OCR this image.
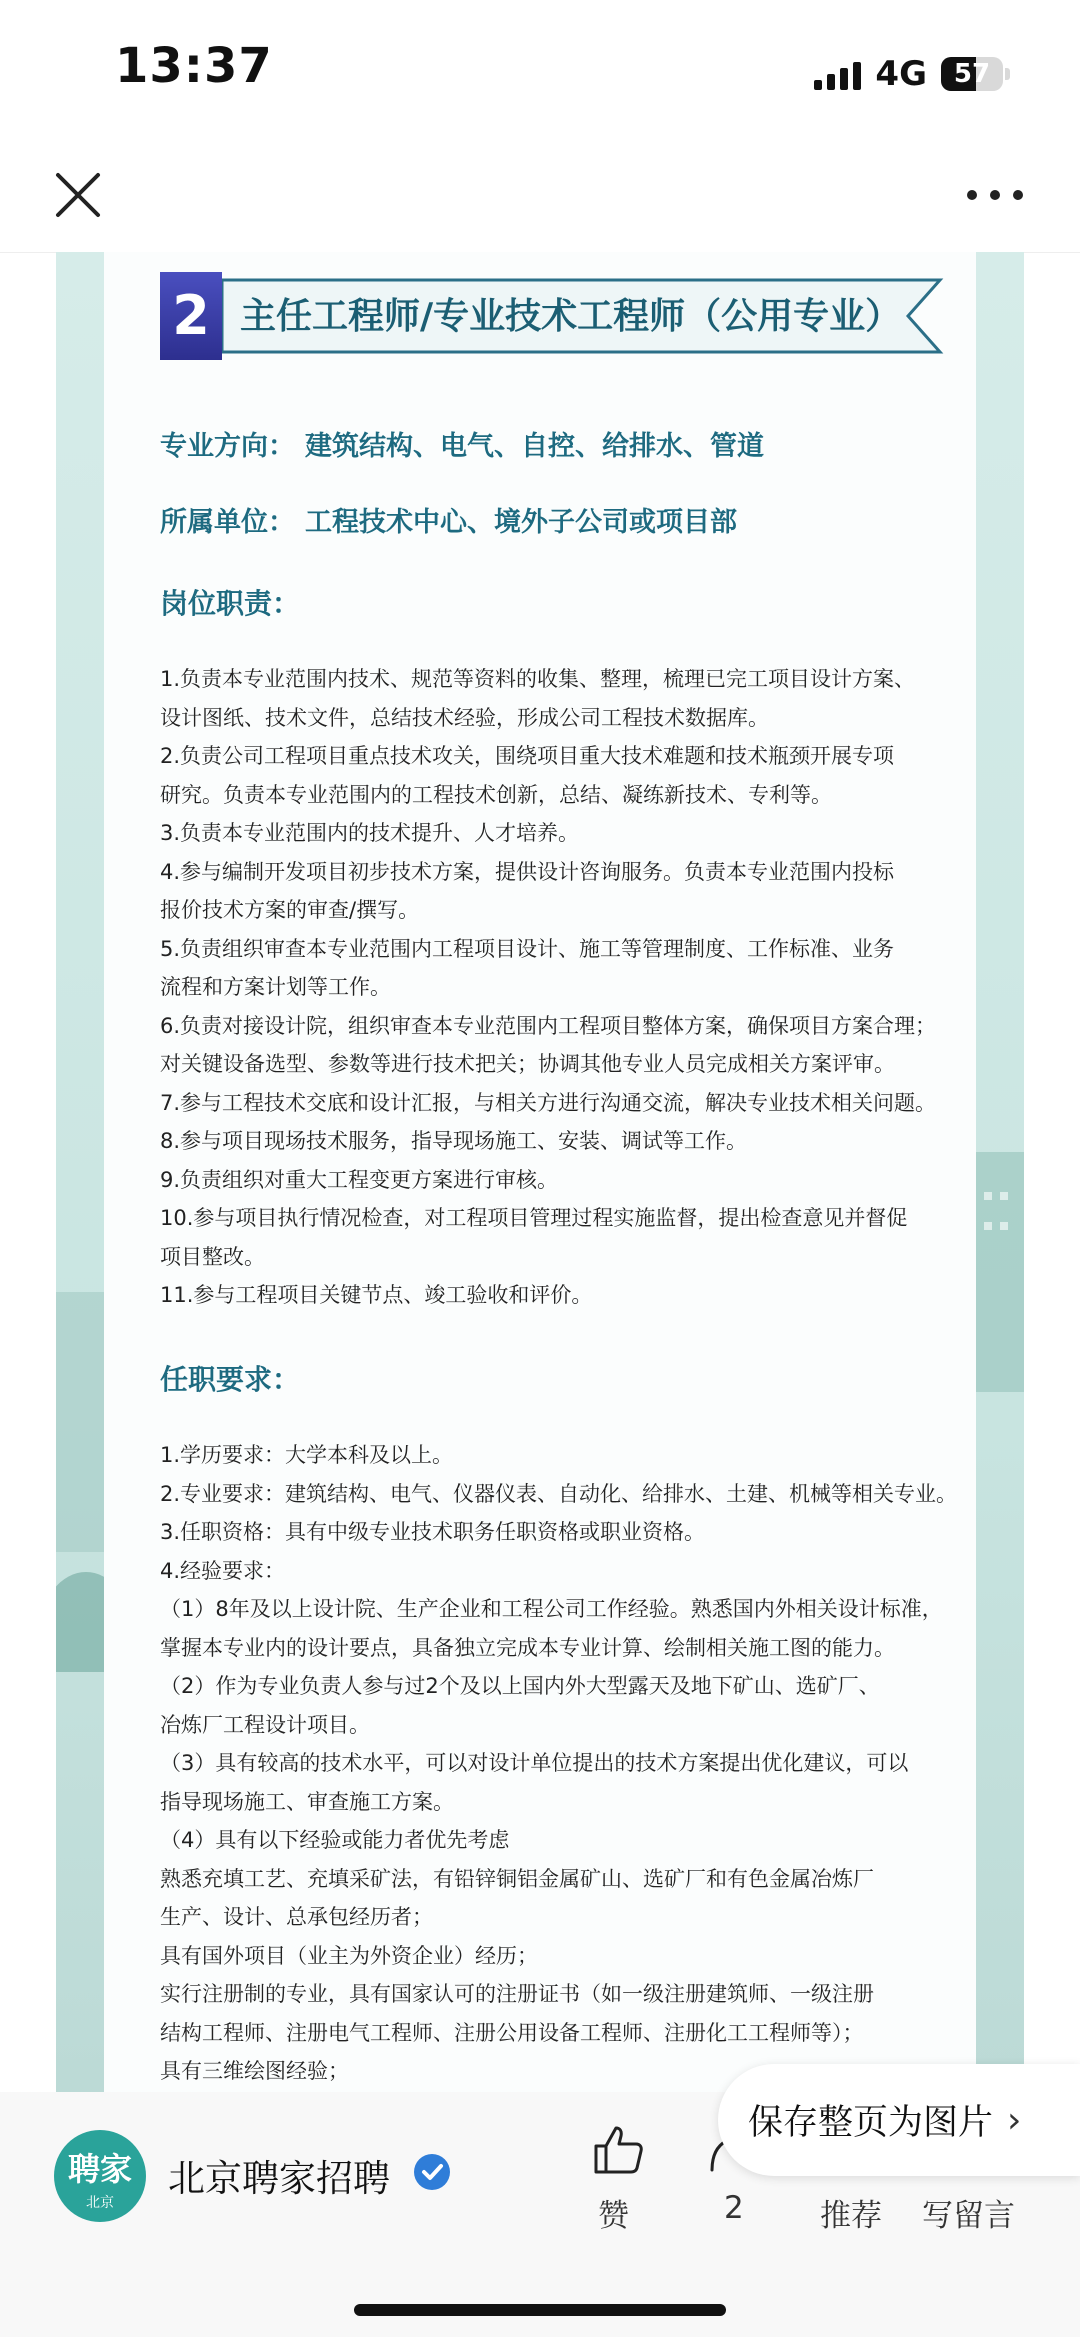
13:37	4G	57
2 主任工程师/专业技术工程师（公用专业）
专业方向： 建筑结构、电气、自控、给排水、管道
所属单位： 工程技术中心、境外子公司或项目部
岗位职责：

1.负责本专业范围内技术、规范等资料的收集、整理，梳理已完工项目设计方案、

设计图纸、技术文件，总结技术经验，形成公司工程技术数据库。

2.负责公司工程项目重点技术攻关，围绕项目重大技术难题和技术瓶颈开展专项

研究。负责本专业范围内的工程技术创新，总结、凝练新技术、专利等。

3.负责本专业范围内的技术提升、人才培养。

4.参与编制开发项目初步技术方案，提供设计咨询服务。负责本专业范围内投标

报价技术方案的审查/撰写。

5.负责组织审查本专业范围内工程项目设计、施工等管理制度、工作标准、业务

流程和方案计划等工作。

6.负责对接设计院，组织审查本专业范围内工程项目整体方案，确保项目方案合理；

对关键设备选型、参数等进行技术把关；协调其他专业人员完成相关方案评审。

7.参与工程技术交底和设计汇报，与相关方进行沟通交流，解决专业技术相关问题。

8.参与项目现场技术服务，指导现场施工、安装、调试等工作。

9.负责组织对重大工程变更方案进行审核。

10.参与项目执行情况检查，对工程项目管理过程实施监督，提出检查意见并督促

项目整改。

11.参与工程项目关键节点、竣工验收和评价。

任职要求：

1.学历要求：大学本科及以上。

2.专业要求：建筑结构、电气、仪器仪表、自动化、给排水、土建、机械等相关专业。

3.任职资格：具有中级专业技术职务任职资格或职业资格。

4.经验要求：

（1）8年及以上设计院、生产企业和工程公司工作经验。熟悉国内外相关设计标准，

掌握本专业内的设计要点，具备独立完成本专业计算、绘制相关施工图的能力。

（2）作为专业负责人参与过2个及以上国内外大型露天及地下矿山、选矿厂、

冶炼厂工程设计项目。

（3）具有较高的技术水平，可以对设计单位提出的技术方案提出优化建议，可以

指导现场施工、审查施工方案。

（4）具有以下经验或能力者优先考虑

熟悉充填工艺、充填采矿法，有铅锌铜铝金属矿山、选矿厂和有色金属冶炼厂

生产、设计、总承包经历者；

具有国外项目（业主为外资企业）经历；

实行注册制的专业，具有国家认可的注册证书（如一级注册建筑师、一级注册

结构工程师、注册电气工程师、注册公用设备工程师、注册化工工程师等）；

具有三维绘图经验；

聘家
北京
北京聘家招聘
赞	2 推荐 写留言
保存整页为图片 ›
